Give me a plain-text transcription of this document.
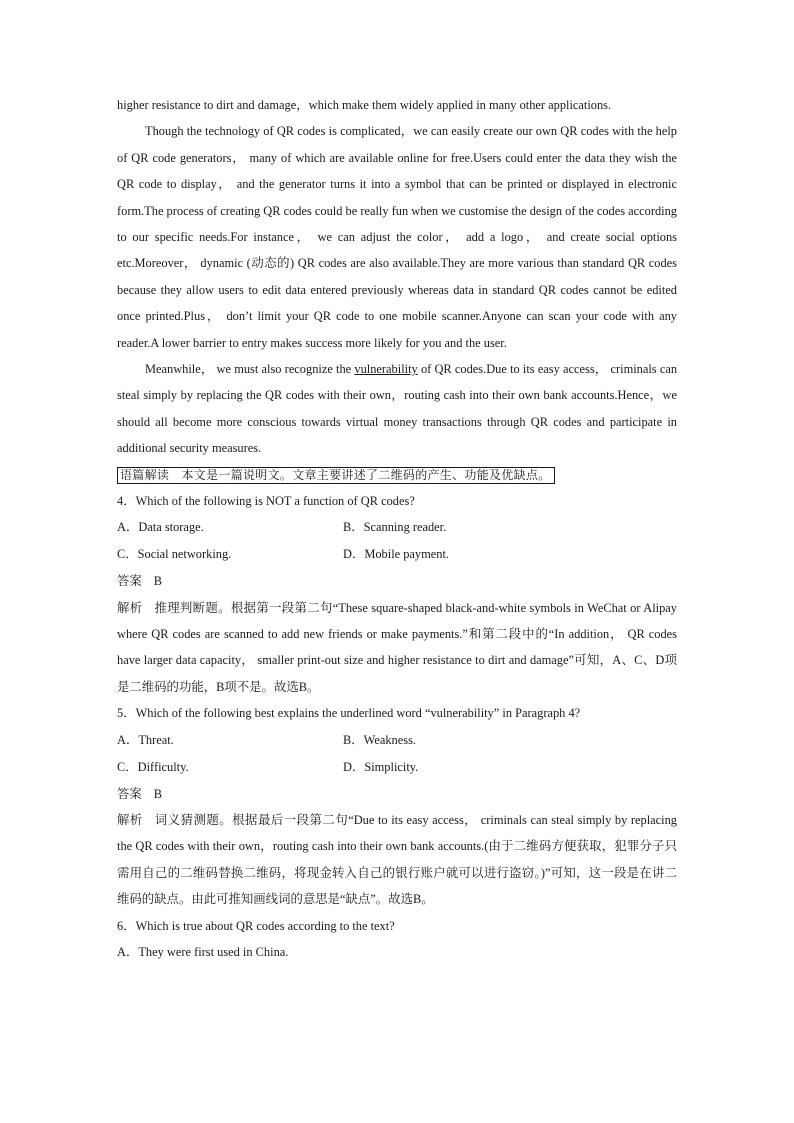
higher resistance to dirt and damage，which make them widely applied in many other applications.

Though the technology of QR codes is complicated，we can easily create our own QR codes with the help of QR code generators， many of which are available online for free.Users could enter the data they wish the QR code to display， and the generator turns it into a symbol that can be printed or displayed in electronic form.The process of creating QR codes could be really fun when we customise the design of the codes according to our specific needs.For instance， we can adjust the color， add a logo， and create social options etc.Moreover， dynamic (动态的) QR codes are also available.They are more various than standard QR codes because they allow users to edit data entered previously whereas data in standard QR codes cannot be edited once printed.Plus， don’t limit your QR code to one mobile scanner.Anyone can scan your code with any reader.A lower barrier to entry makes success more likely for you and the user.

Meanwhile， we must also recognize the vulnerability of QR codes.Due to its easy access， criminals can steal simply by replacing the QR codes with their own，routing cash into their own bank accounts.Hence，we should all become more conscious towards virtual money transactions through QR codes and participate in additional security measures.

语篇解读　本文是一篇说明文。文章主要讲述了二维码的产生、功能及优缺点。

4．Which of the following is NOT a function of QR codes?

A．Data storage.	B．Scanning reader.
C．Social networking.	D．Mobile payment.

答案 B

解析 推理判断题。根据第一段第二句“These square-shaped black-and-white symbols in WeChat or Alipay where QR codes are scanned to add new friends or make payments.”和第二段中的“In addition， QR codes have larger data capacity， smaller print-out size and higher resistance to dirt and damage”可知，A、C、D项是二维码的功能，B项不是。故选B。

5．Which of the following best explains the underlined word “vulnerability” in Paragraph 4?

A．Threat.	B．Weakness.
C．Difficulty.	D．Simplicity.

答案 B

解析 词义猜测题。根据最后一段第二句“Due to its easy access， criminals can steal simply by replacing the QR codes with their own，routing cash into their own bank accounts.(由于二维码方便获取，犯罪分子只需用自己的二维码替换二维码，将现金转入自己的银行账户就可以进行盗窃。)”可知，这一段是在讲二维码的缺点。由此可推知画线词的意思是“缺点”。故选B。

6．Which is true about QR codes according to the text?

A．They were first used in China.
